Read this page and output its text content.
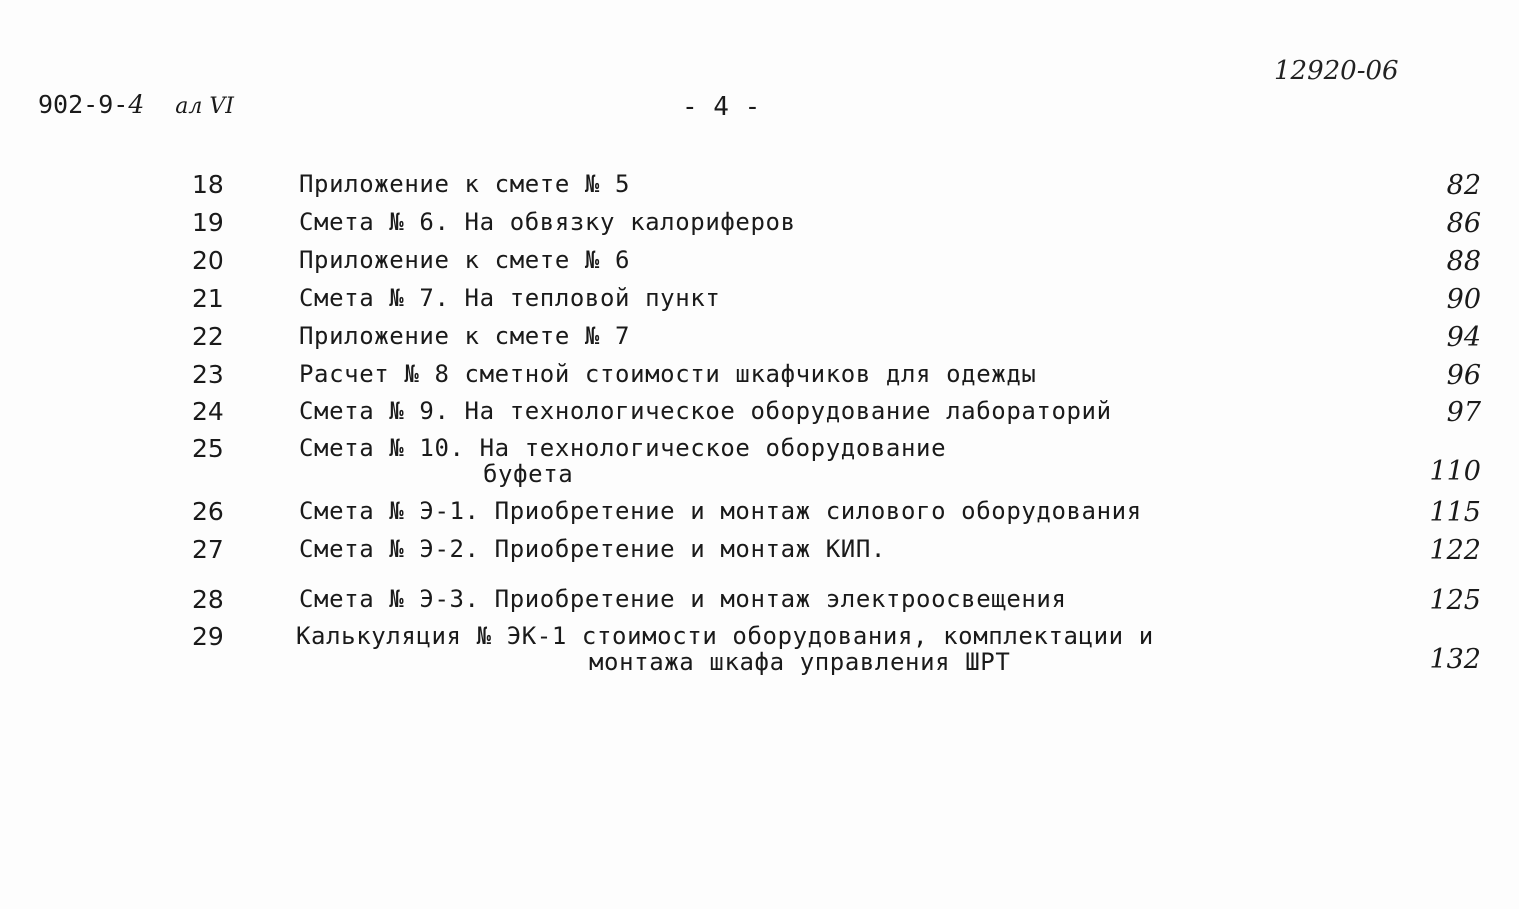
902-9-4 ал VI	- 4 -
12920-06
18	Приложение к смете № 5	82
19	Смета № 6. На обвязку калориферов	86
20	Приложение к смете № 6	88
21	Смета № 7. На тепловой пункт	90
22	Приложение к смете № 7	94
23	Расчет № 8 сметной стоимости шкафчиков для одежды	96
24	Смета № 9. На технологическое оборудование лабораторий	97
25	Смета № 10. На технологическое оборудование
буфета	110
26	Смета № Э-1. Приобретение и монтаж силового оборудования	115
27	Смета № Э-2. Приобретение и монтаж КИП.	122
28	Смета № Э-3. Приобретение и монтаж электроосвещения	125
29	Калькуляция № ЭК-1 стоимости оборудования, комплектации и
монтажа шкафа управления ШРТ	132
